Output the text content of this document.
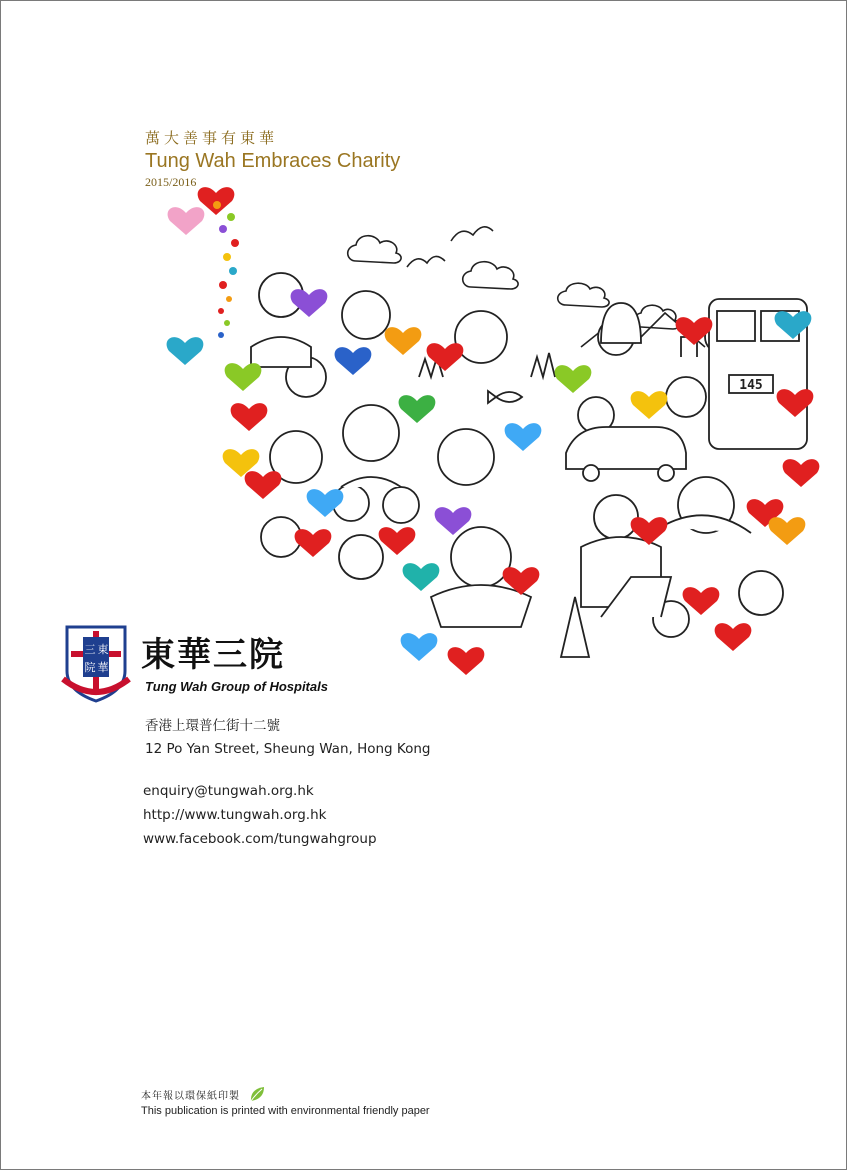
萬大善事有東華
Tung Wah Embraces Charity
2015/2016
145
三 東
院 華 東華三院
Tung Wah Group of Hospitals
香港上環普仁街十二號
12 Po Yan Street, Sheung Wan, Hong Kong
enquiry@tungwah.org.hk
http://www.tungwah.org.hk
www.facebook.com/tungwahgroup
本年報以環保紙印製
This publication is printed with environmental friendly paper
